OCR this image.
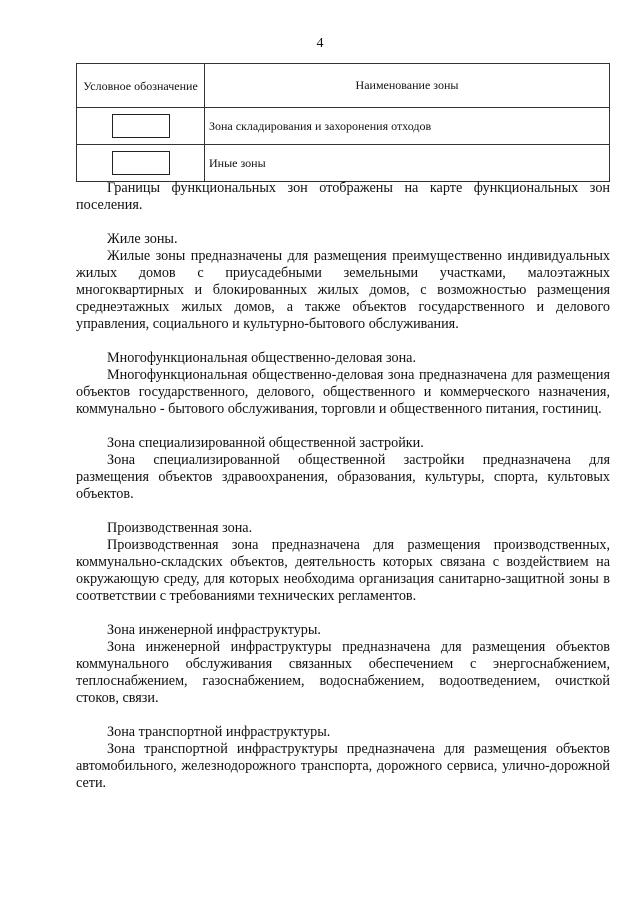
4
Условное обозначение	Наименование зоны
	Зона складирования и захоронения отходов
	Иные зоны

Границы функциональных зон отображены на карте функциональных зон поселения.

Жиле зоны.

Жилые зоны предназначены для размещения преимущественно индивидуальных жилых домов с приусадебными земельными участками, малоэтажных многоквартирных и блокированных жилых домов, с возможностью размещения среднеэтажных жилых домов, а также объектов государственного и делового управления, социального и культурно-бытового обслуживания.

Многофункциональная общественно-деловая зона.

Многофункциональная общественно-деловая зона предназначена для размещения объектов государственного, делового, общественного и коммерческого назначения, коммунально - бытового обслуживания, торговли и общественного питания, гостиниц.

Зона специализированной общественной застройки.

Зона специализированной общественной застройки предназначена для размещения объектов здравоохранения, образования, культуры, спорта, культовых объектов.

Производственная зона.

Производственная зона предназначена для размещения производственных, коммунально-складских объектов, деятельность которых связана с воздействием на окружающую среду, для которых необходима организация санитарно-защитной зоны в соответствии с требованиями технических регламентов.

Зона инженерной инфраструктуры.

Зона инженерной инфраструктуры предназначена для размещения объектов коммунального обслуживания связанных обеспечением с энергоснабжением, теплоснабжением, газоснабжением, водоснабжением, водоотведением, очисткой стоков, связи.

Зона транспортной инфраструктуры.

Зона транспортной инфраструктуры предназначена для размещения объектов автомобильного, железнодорожного транспорта, дорожного сервиса, улично-дорожной сети.
